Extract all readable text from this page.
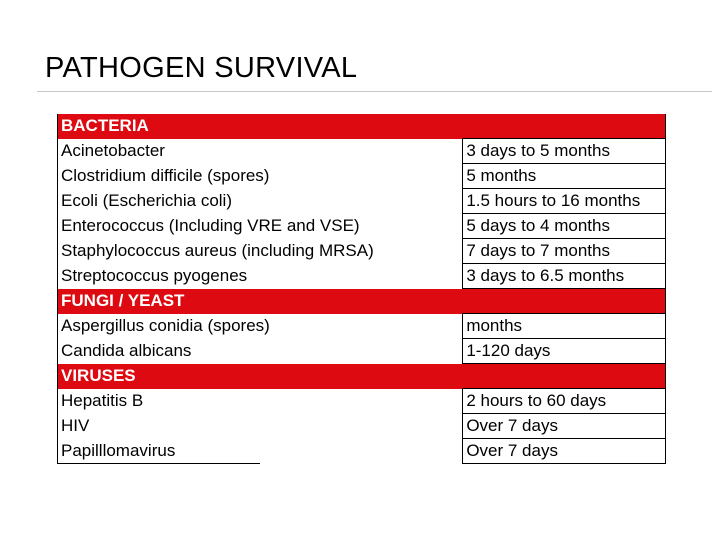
PATHOGEN SURVIVAL
BACTERIA		
Acinetobacter		3 days to 5 months
Clostridium difficile (spores)		5 months
Ecoli (Escherichia coli)		1.5 hours to 16 months
Enterococcus (Including VRE and VSE)		5 days to 4 months
Staphylococcus aureus (including MRSA)		7 days to 7 months
Streptococcus pyogenes		3 days to 6.5 months
FUNGI / YEAST		
Aspergillus conidia (spores)		months
Candida albicans		1-120 days
VIRUSES		
Hepatitis B		2 hours to 60 days
HIV		Over 7 days
Papilllomavirus		Over 7 days
